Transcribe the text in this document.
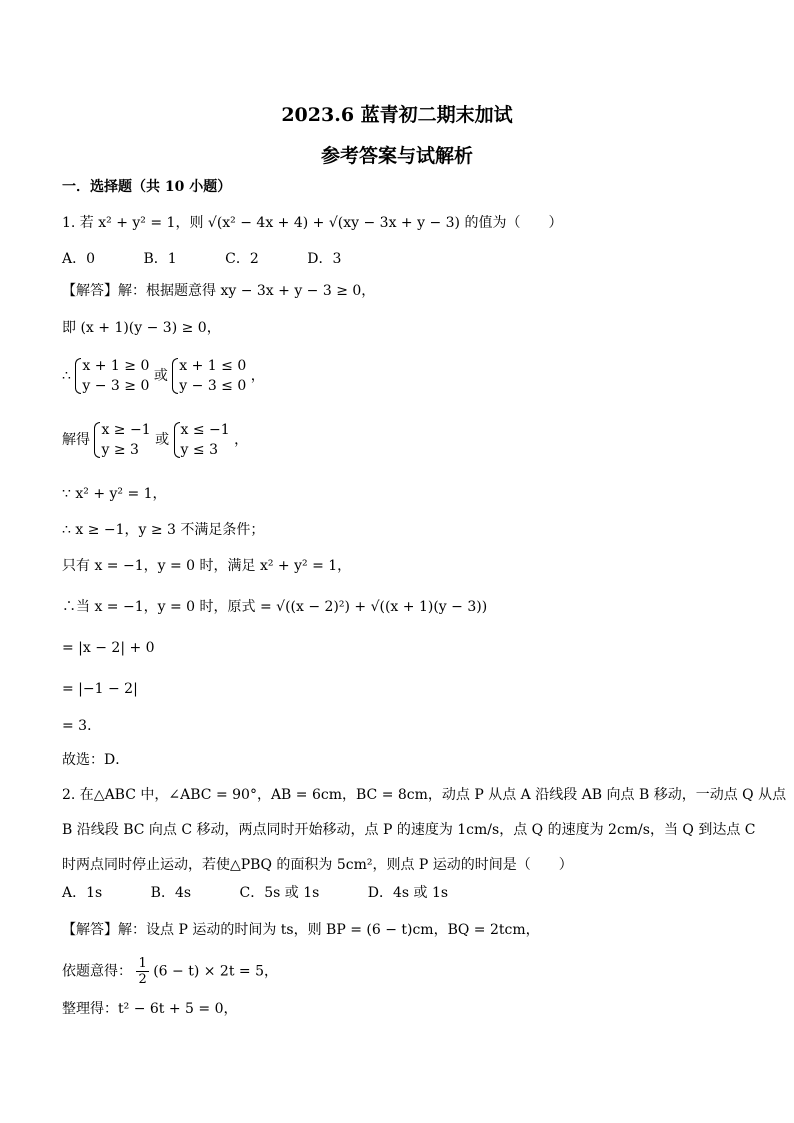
2023.6 蓝青初二期末加试
参考答案与试解析
一．选择题（共 10 小题）
1. 若 x² + y² = 1，则 √(x² − 4x + 4) + √(xy − 3x + y − 3) 的值为（　　）
A．0	B．1	C．2	D．3
【解答】解：根据题意得 xy − 3x + y − 3 ≥ 0，
即 (x + 1)(y − 3) ≥ 0，
∴
x + 1 ≥ 0
y − 3 ≥ 0
或
x + 1 ≤ 0
y − 3 ≤ 0
，
解得
x ≥ −1
y ≥ 3
或
x ≤ −1
y ≤ 3
，
∵ x² + y² = 1，
∴ x ≥ −1，y ≥ 3 不满足条件；
只有 x = −1，y = 0 时，满足 x² + y² = 1，
∴当 x = −1，y = 0 时，原式 = √((x − 2)²) + √((x + 1)(y − 3))
= |x − 2| + 0
= |−1 − 2|
= 3．
故选：D．
2. 在△ABC 中，∠ABC = 90°，AB = 6cm，BC = 8cm，动点 P 从点 A 沿线段 AB 向点 B 移动，一动点 Q 从点
B 沿线段 BC 向点 C 移动，两点同时开始移动，点 P 的速度为 1cm/s，点 Q 的速度为 2cm/s，当 Q 到达点 C
时两点同时停止运动，若使△PBQ 的面积为 5cm²，则点 P 运动的时间是（　　）
A．1s	B．4s	C．5s 或 1s	D．4s 或 1s
【解答】解：设点 P 运动的时间为 ts，则 BP = (6 − t)cm，BQ = 2tcm，
依题意得： $\frac{1}{2} (6 - t) \times 2t = 5$，
整理得：t² − 6t + 5 = 0，
